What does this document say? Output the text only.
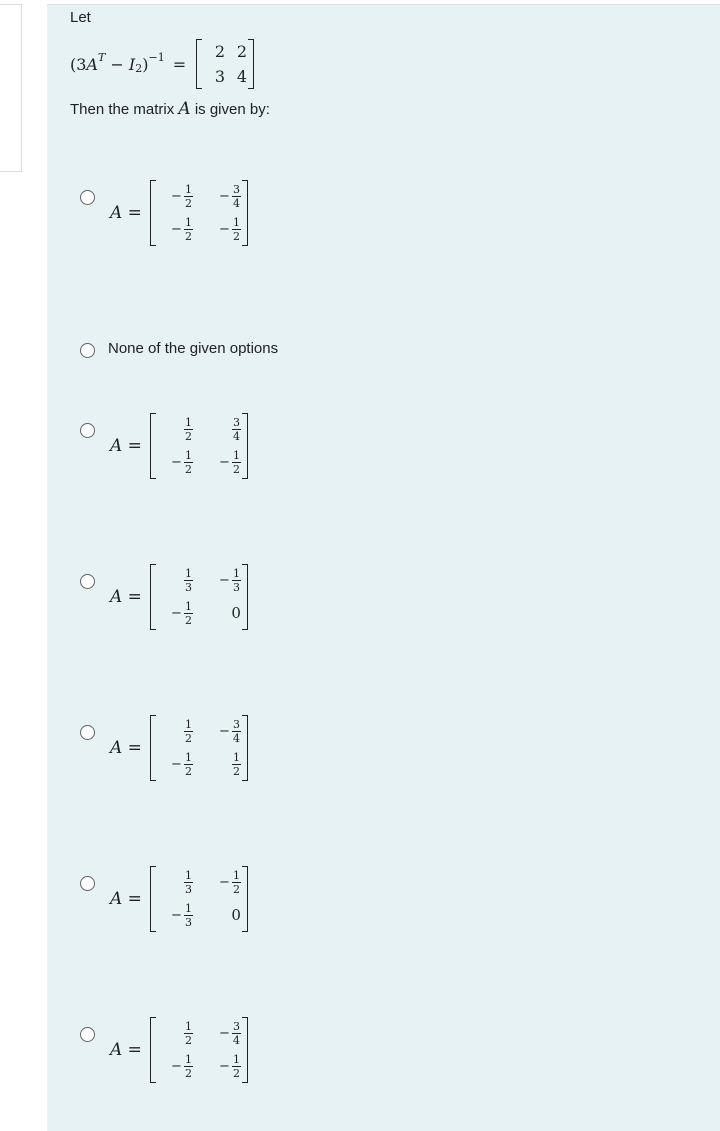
Let
(3 A T − I 2 ) −1 =
2 2
3 4
Then the matrix A is given by:
A =
− $\frac{1}{2} - \frac{3}{4}$
− $\frac{1}{2} - \frac{1}{2}$
None of the given options
A =
$\frac{1}{2}$	$\frac{3}{4}$
− $\frac{1}{2} - \frac{1}{2}$
A =
$\frac{1}{3} - \frac{1}{3}$
− $\frac{1}{2}$	0
A =
$\frac{1}{2} - \frac{3}{4}$
− $\frac{1}{2}$	$\frac{1}{2}$
A =
$\frac{1}{3} - \frac{1}{2}$
− $\frac{1}{3}$	0
A =
$\frac{1}{2} - \frac{3}{4}$
− $\frac{1}{2} - \frac{1}{2}$
